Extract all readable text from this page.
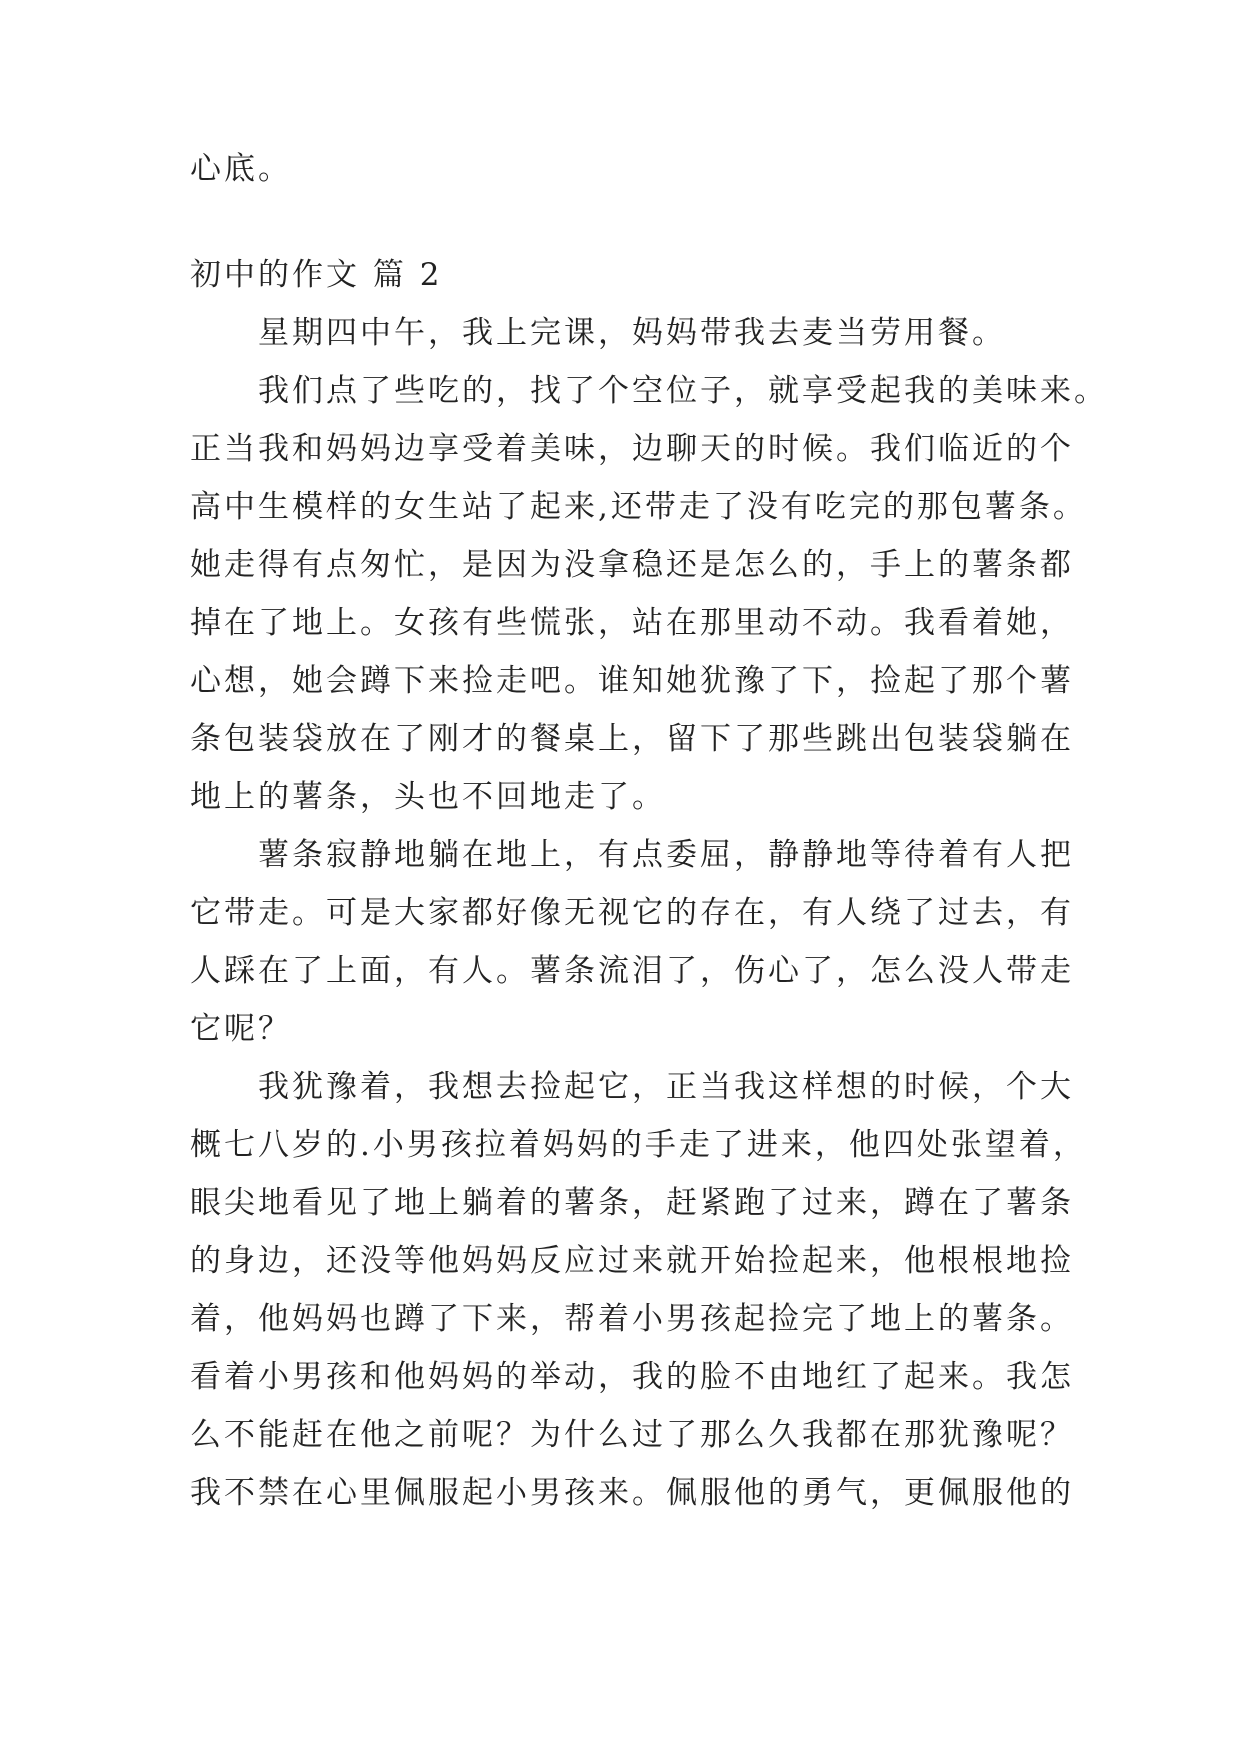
心底。
初中的作文 篇 2
星期四中午，我上完课，妈妈带我去麦当劳用餐。
我们点了些吃的，找了个空位子，就享受起我的美味来。
正当我和妈妈边享受着美味，边聊天的时候。我们临近的个
高中生模样的女生站了起来,还带走了没有吃完的那包薯条。
她走得有点匆忙，是因为没拿稳还是怎么的，手上的薯条都
掉在了地上。女孩有些慌张，站在那里动不动。我看着她，
心想，她会蹲下来捡走吧。谁知她犹豫了下，捡起了那个薯
条包装袋放在了刚才的餐桌上，留下了那些跳出包装袋躺在
地上的薯条，头也不回地走了。
薯条寂静地躺在地上，有点委屈，静静地等待着有人把
它带走。可是大家都好像无视它的存在，有人绕了过去，有
人踩在了上面，有人。薯条流泪了，伤心了，怎么没人带走
它呢？
我犹豫着，我想去捡起它，正当我这样想的时候，个大
概七八岁的.小男孩拉着妈妈的手走了进来，他四处张望着，
眼尖地看见了地上躺着的薯条，赶紧跑了过来，蹲在了薯条
的身边，还没等他妈妈反应过来就开始捡起来，他根根地捡
着，他妈妈也蹲了下来，帮着小男孩起捡完了地上的薯条。
看着小男孩和他妈妈的举动，我的脸不由地红了起来。我怎
么不能赶在他之前呢？为什么过了那么久我都在那犹豫呢？
我不禁在心里佩服起小男孩来。佩服他的勇气，更佩服他的
